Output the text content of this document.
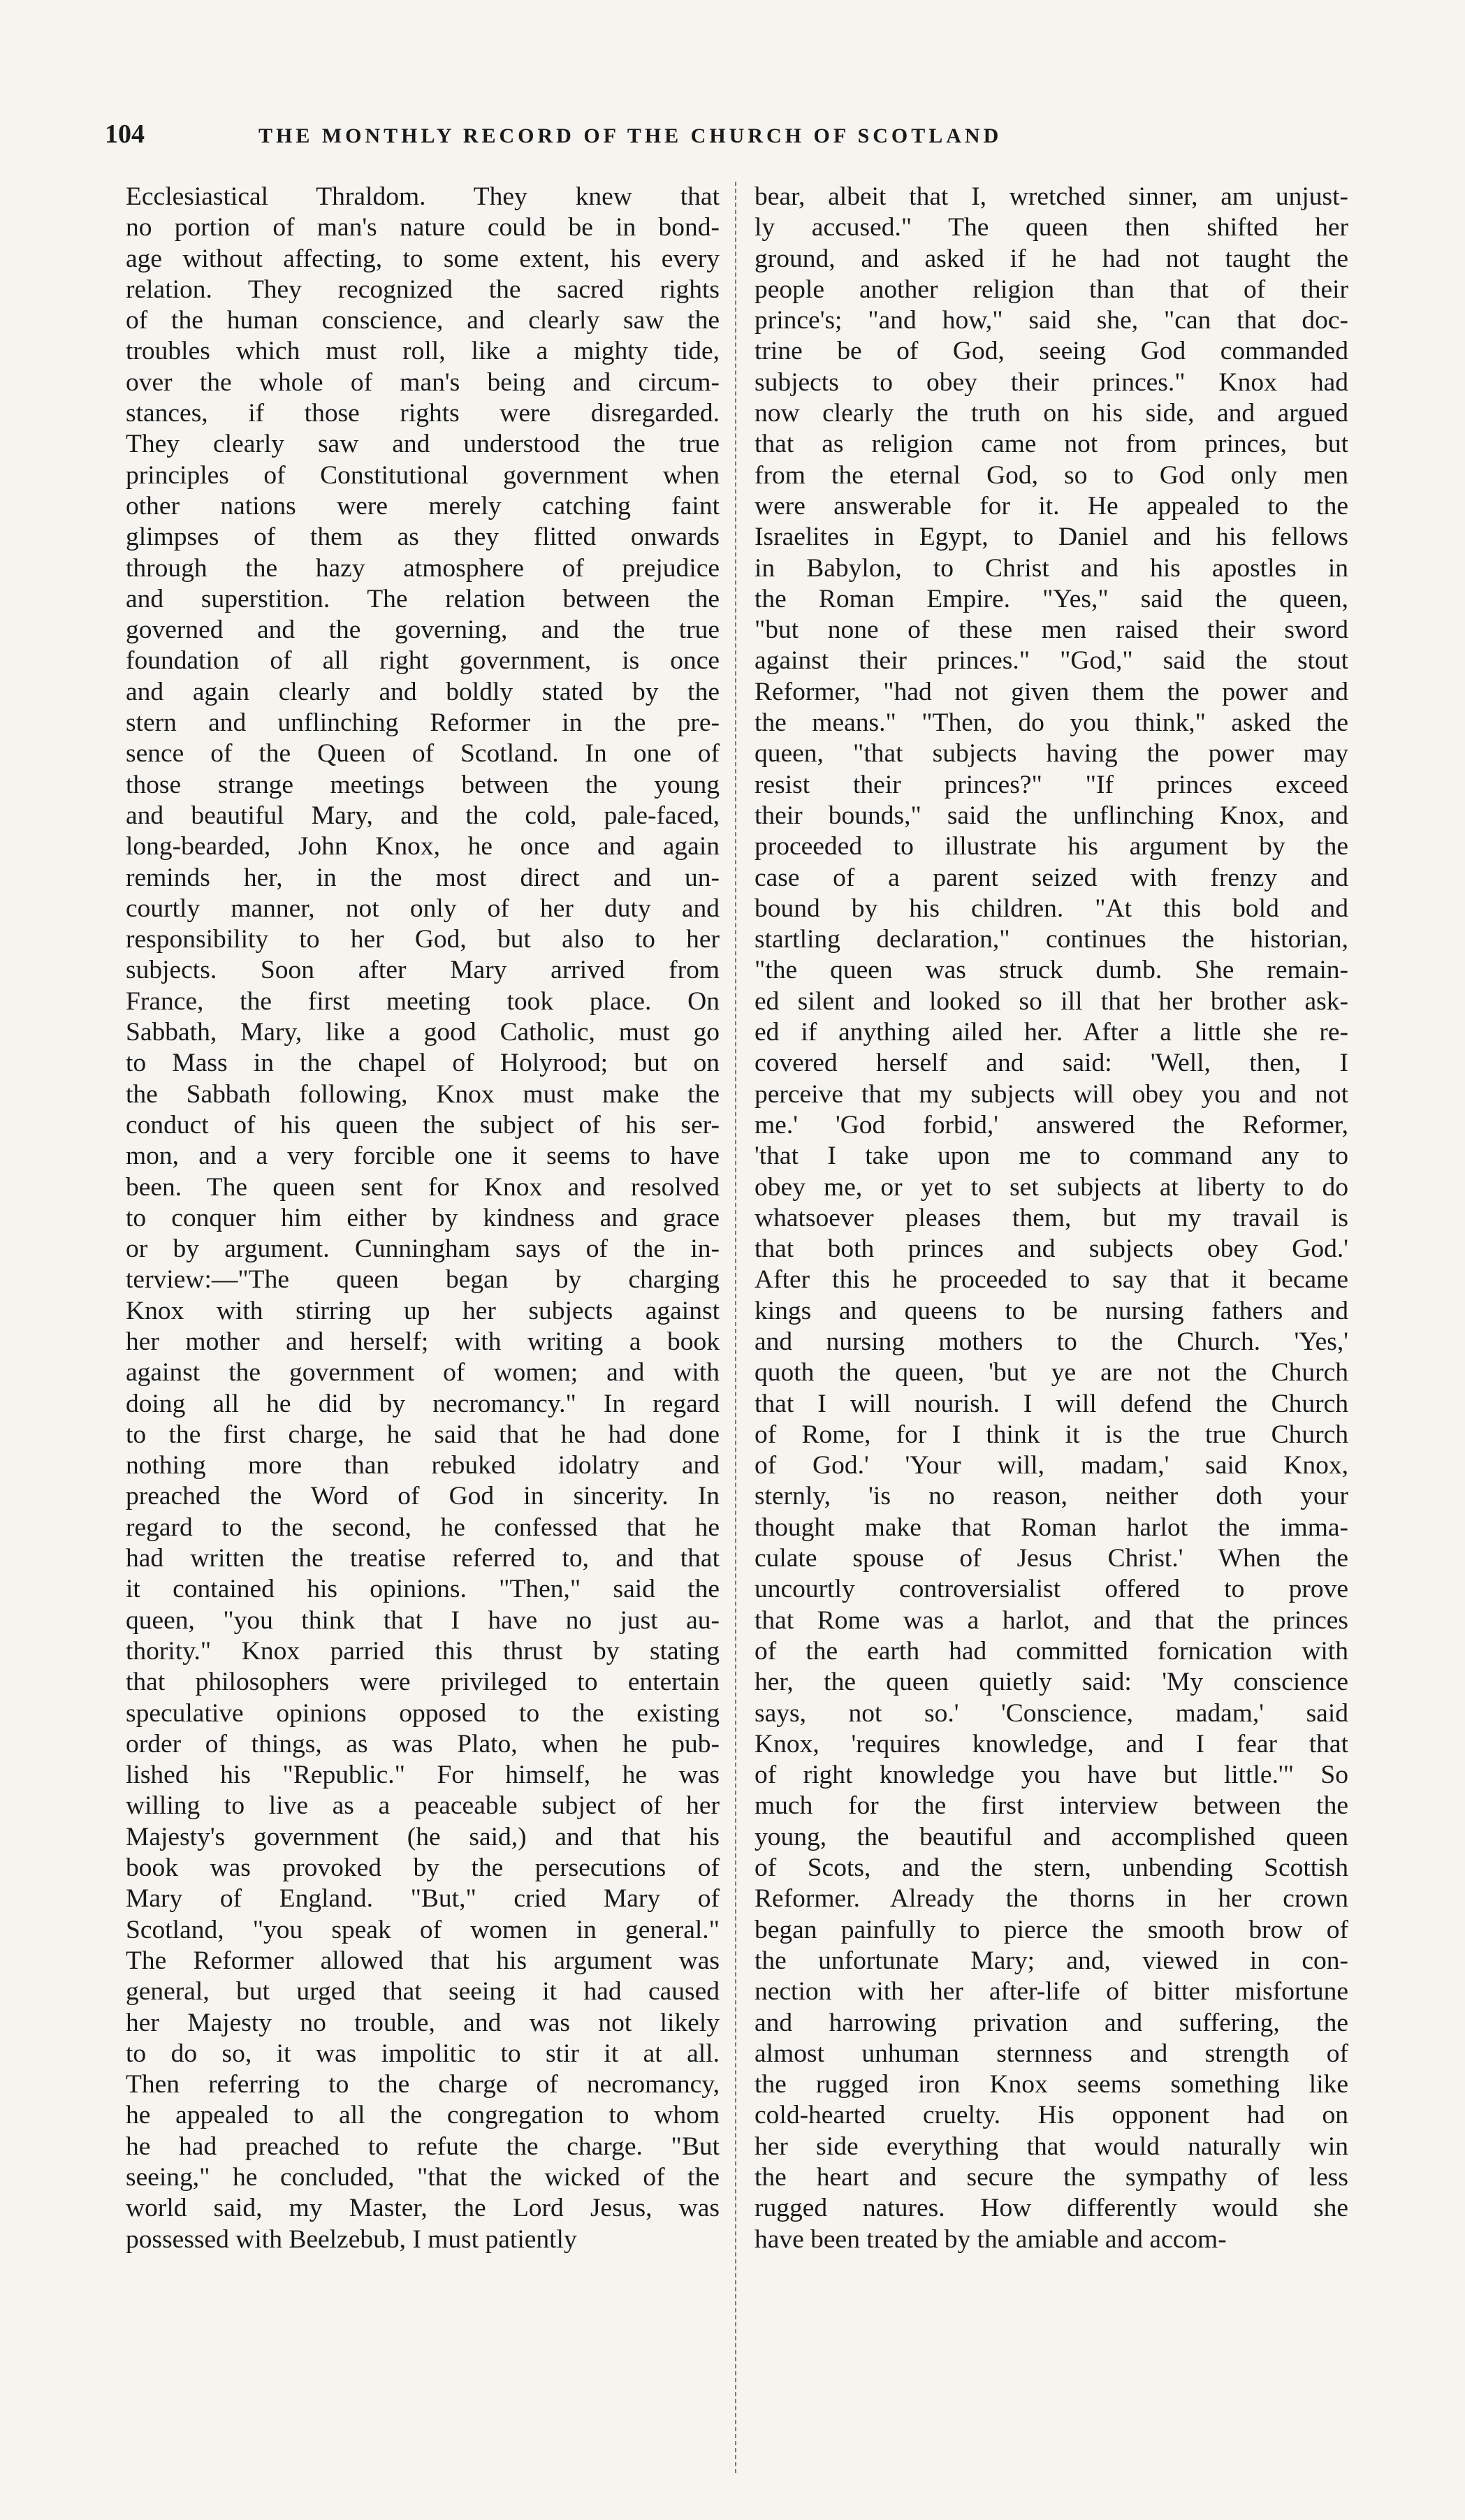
104	THE MONTHLY RECORD OF THE CHURCH OF SCOTLAND
Ecclesiastical Thraldom. They knew that
no portion of man's nature could be in bond-
age without affecting, to some extent, his every
relation. They recognized the sacred rights
of the human conscience, and clearly saw the
troubles which must roll, like a mighty tide,
over the whole of man's being and circum-
stances, if those rights were disregarded.
They clearly saw and understood the true
principles of Constitutional government when
other nations were merely catching faint
glimpses of them as they flitted onwards
through the hazy atmosphere of prejudice
and superstition. The relation between the
governed and the governing, and the true
foundation of all right government, is once
and again clearly and boldly stated by the
stern and unflinching Reformer in the pre-
sence of the Queen of Scotland. In one of
those strange meetings between the young
and beautiful Mary, and the cold, pale-faced,
long-bearded, John Knox, he once and again
reminds her, in the most direct and un-
courtly manner, not only of her duty and
responsibility to her God, but also to her
subjects. Soon after Mary arrived from
France, the first meeting took place. On
Sabbath, Mary, like a good Catholic, must go
to Mass in the chapel of Holyrood; but on
the Sabbath following, Knox must make the
conduct of his queen the subject of his ser-
mon, and a very forcible one it seems to have
been. The queen sent for Knox and resolved
to conquer him either by kindness and grace
or by argument. Cunningham says of the in-
terview:—"The queen began by charging
Knox with stirring up her subjects against
her mother and herself; with writing a book
against the government of women; and with
doing all he did by necromancy." In regard
to the first charge, he said that he had done
nothing more than rebuked idolatry and
preached the Word of God in sincerity. In
regard to the second, he confessed that he
had written the treatise referred to, and that
it contained his opinions. "Then," said the
queen, "you think that I have no just au-
thority." Knox parried this thrust by stating
that philosophers were privileged to entertain
speculative opinions opposed to the existing
order of things, as was Plato, when he pub-
lished his "Republic." For himself, he was
willing to live as a peaceable subject of her
Majesty's government (he said,) and that his
book was provoked by the persecutions of
Mary of England. "But," cried Mary of
Scotland, "you speak of women in general."
The Reformer allowed that his argument was
general, but urged that seeing it had caused
her Majesty no trouble, and was not likely
to do so, it was impolitic to stir it at all.
Then referring to the charge of necromancy,
he appealed to all the congregation to whom
he had preached to refute the charge. "But
seeing," he concluded, "that the wicked of the
world said, my Master, the Lord Jesus, was
possessed with Beelzebub, I must patiently
bear, albeit that I, wretched sinner, am unjust-
ly accused." The queen then shifted her
ground, and asked if he had not taught the
people another religion than that of their
prince's; "and how," said she, "can that doc-
trine be of God, seeing God commanded
subjects to obey their princes." Knox had
now clearly the truth on his side, and argued
that as religion came not from princes, but
from the eternal God, so to God only men
were answerable for it. He appealed to the
Israelites in Egypt, to Daniel and his fellows
in Babylon, to Christ and his apostles in
the Roman Empire. "Yes," said the queen,
"but none of these men raised their sword
against their princes." "God," said the stout
Reformer, "had not given them the power and
the means." "Then, do you think," asked the
queen, "that subjects having the power may
resist their princes?" "If princes exceed
their bounds," said the unflinching Knox, and
proceeded to illustrate his argument by the
case of a parent seized with frenzy and
bound by his children. "At this bold and
startling declaration," continues the historian,
"the queen was struck dumb. She remain-
ed silent and looked so ill that her brother ask-
ed if anything ailed her. After a little she re-
covered herself and said: 'Well, then, I
perceive that my subjects will obey you and not
me.' 'God forbid,' answered the Reformer,
'that I take upon me to command any to
obey me, or yet to set subjects at liberty to do
whatsoever pleases them, but my travail is
that both princes and subjects obey God.'
After this he proceeded to say that it became
kings and queens to be nursing fathers and
and nursing mothers to the Church. 'Yes,'
quoth the queen, 'but ye are not the Church
that I will nourish. I will defend the Church
of Rome, for I think it is the true Church
of God.' 'Your will, madam,' said Knox,
sternly, 'is no reason, neither doth your
thought make that Roman harlot the imma-
culate spouse of Jesus Christ.' When the
uncourtly controversialist offered to prove
that Rome was a harlot, and that the princes
of the earth had committed fornication with
her, the queen quietly said: 'My conscience
says, not so.' 'Conscience, madam,' said
Knox, 'requires knowledge, and I fear that
of right knowledge you have but little.'" So
much for the first interview between the
young, the beautiful and accomplished queen
of Scots, and the stern, unbending Scottish
Reformer. Already the thorns in her crown
began painfully to pierce the smooth brow of
the unfortunate Mary; and, viewed in con-
nection with her after-life of bitter misfortune
and harrowing privation and suffering, the
almost unhuman sternness and strength of
the rugged iron Knox seems something like
cold-hearted cruelty. His opponent had on
her side everything that would naturally win
the heart and secure the sympathy of less
rugged natures. How differently would she
have been treated by the amiable and accom-
